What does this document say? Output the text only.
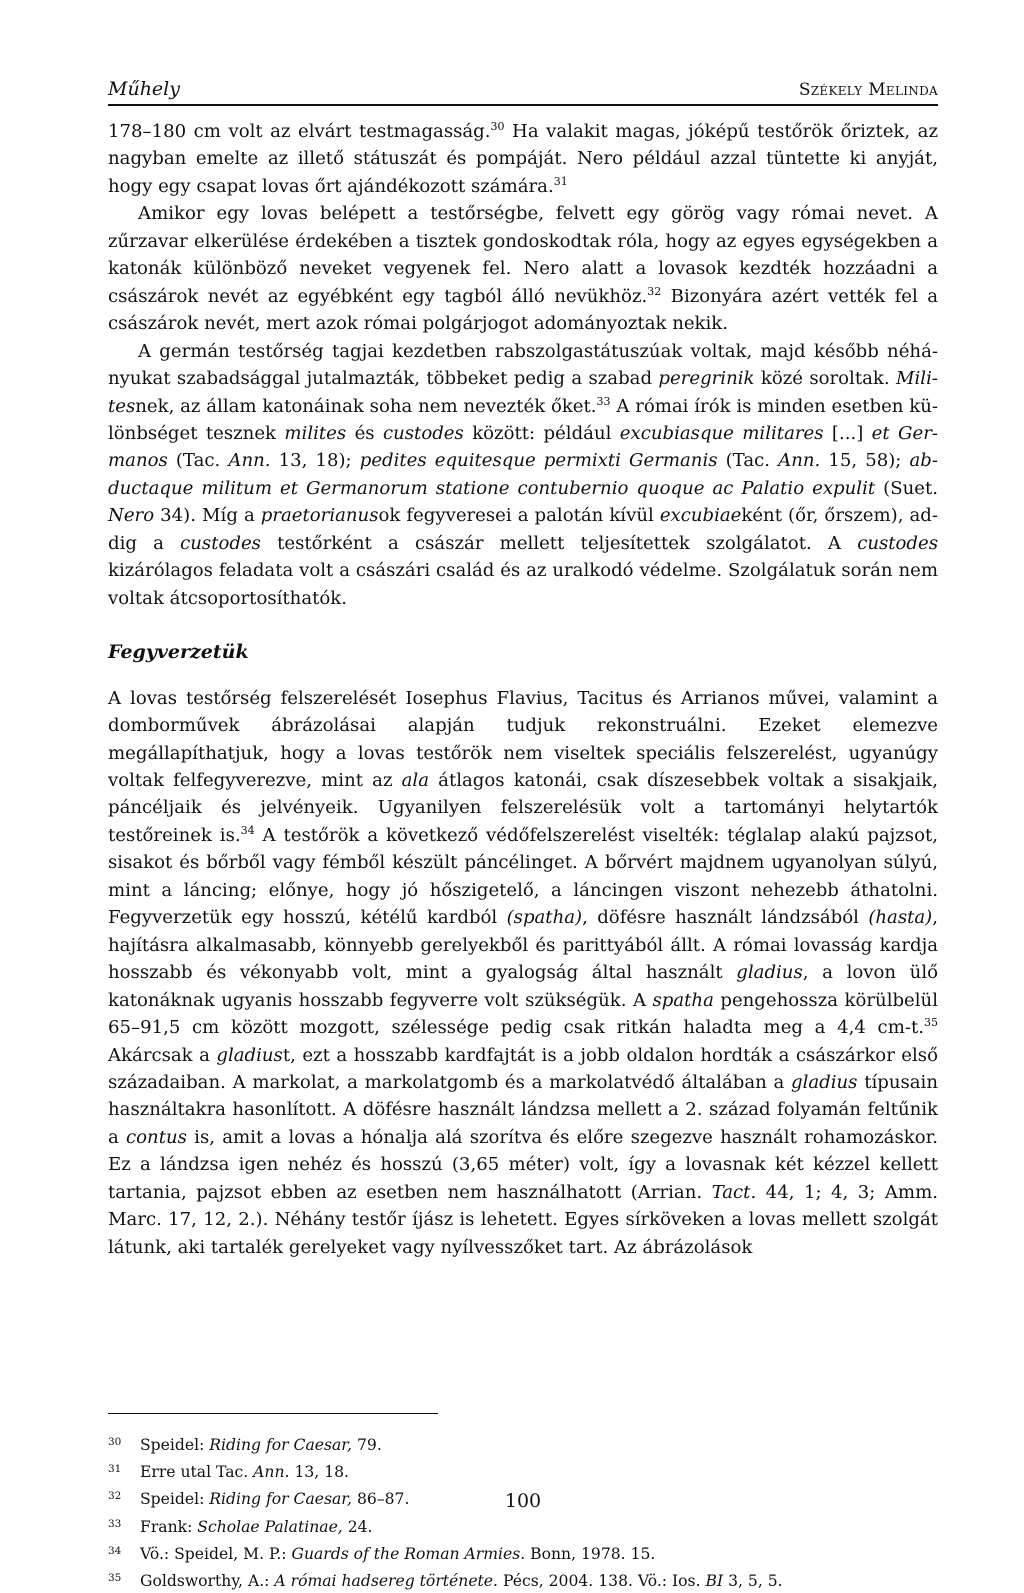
Műhely	Székely Melinda

178–180 cm volt az elvárt testmagasság.$^{30}$ Ha valakit magas, jóképű testőrök őriztek, az nagyban emelte az illető státuszát és pompáját. Nero például azzal tüntette ki anyját, hogy egy csapat lovas őrt ajándékozott számára.$^{31}$

Amikor egy lovas belépett a testőrségbe, felvett egy görög vagy római nevet. A zűrzavar elkerülése érdekében a tisztek gondoskodtak róla, hogy az egyes egységekben a katonák különböző neveket vegyenek fel. Nero alatt a lovasok kezdték hozzáadni a császárok nevét az egyébként egy tagból álló nevükhöz.$^{32}$ Bizonyára azért vették fel a császárok nevét, mert azok római polgárjogot adományoztak nekik.

A germán testőrség tagjai kezdetben rabszolgastátuszúak voltak, majd később néhányukat szabadsággal jutalmazták, többeket pedig a szabad peregrinik közé soroltak. Militesnek, az állam katonáinak soha nem nevezték őket.$^{33}$ A római írók is minden esetben különbséget tesznek milites és custodes között: például excubiasque militares [...] et Germanos (Tac. Ann. 13, 18); pedites equitesque permixti Germanis (Tac. Ann. 15, 58); abductaque militum et Germanorum statione contubernio quoque ac Palatio expulit (Suet. Nero 34). Míg a praetorianusok fegyveresei a palotán kívül excubiaeként (őr, őrszem), addig a custodes testőrként a császár mellett teljesítettek szolgálatot. A custodes kizárólagos feladata volt a császári család és az uralkodó védelme. Szolgálatuk során nem voltak átcsoportosíthatók.

Fegyverzetük

A lovas testőrség felszerelését Iosephus Flavius, Tacitus és Arrianos művei, valamint a domborművek ábrázolásai alapján tudjuk rekonstruálni. Ezeket elemezve megállapíthatjuk, hogy a lovas testőrök nem viseltek speciális felszerelést, ugyanúgy voltak felfegyverezve, mint az ala átlagos katonái, csak díszesebbek voltak a sisakjaik, páncéljaik és jelvényeik. Ugyanilyen felszerelésük volt a tartományi helytartók testőreinek is.$^{34}$ A testőrök a következő védőfelszerelést viselték: téglalap alakú pajzsot, sisakot és bőrből vagy fémből készült páncélinget. A bőrvért majdnem ugyanolyan súlyú, mint a láncing; előnye, hogy jó hőszigetelő, a láncingen viszont nehezebb áthatolni. Fegyverzetük egy hosszú, kétélű kardból (spatha), döfésre használt lándzsából (hasta), hajításra alkalmasabb, könnyebb gerelyekből és parittyából állt. A római lovasság kardja hosszabb és vékonyabb volt, mint a gyalogság által használt gladius, a lovon ülő katonáknak ugyanis hosszabb fegyverre volt szükségük. A spatha pengehossza körülbelül 65–91,5 cm között mozgott, szélessége pedig csak ritkán haladta meg a 4,4 cm-t.$^{35}$ Akárcsak a gladiust, ezt a hosszabb kardfajtát is a jobb oldalon hordták a császárkor első századaiban. A markolat, a markolatgomb és a markolatvédő általában a gladius típusain használtakra hasonlított. A döfésre használt lándzsa mellett a 2. század folyamán feltűnik a contus is, amit a lovas a hónalja alá szorítva és előre szegezve használt rohamozáskor. Ez a lándzsa igen nehéz és hosszú (3,65 méter) volt, így a lovasnak két kézzel kellett tartania, pajzsot ebben az esetben nem használhatott (Arrian. Tact. 44, 1; 4, 3; Amm. Marc. 17, 12, 2.). Néhány testőr íjász is lehetett. Egyes sírköveken a lovas mellett szolgát látunk, aki tartalék gerelyeket vagy nyílvesszőket tart. Az ábrázolások

30 Speidel: Riding for Caesar, 79.
31 Erre utal Tac. Ann. 13, 18.
32 Speidel: Riding for Caesar, 86–87.
33 Frank: Scholae Palatinae, 24.
34 Vö.: Speidel, M. P.: Guards of the Roman Armies. Bonn, 1978. 15.
35 Goldsworthy, A.: A római hadsereg története. Pécs, 2004. 138. Vö.: Ios. BI 3, 5, 5.
100
